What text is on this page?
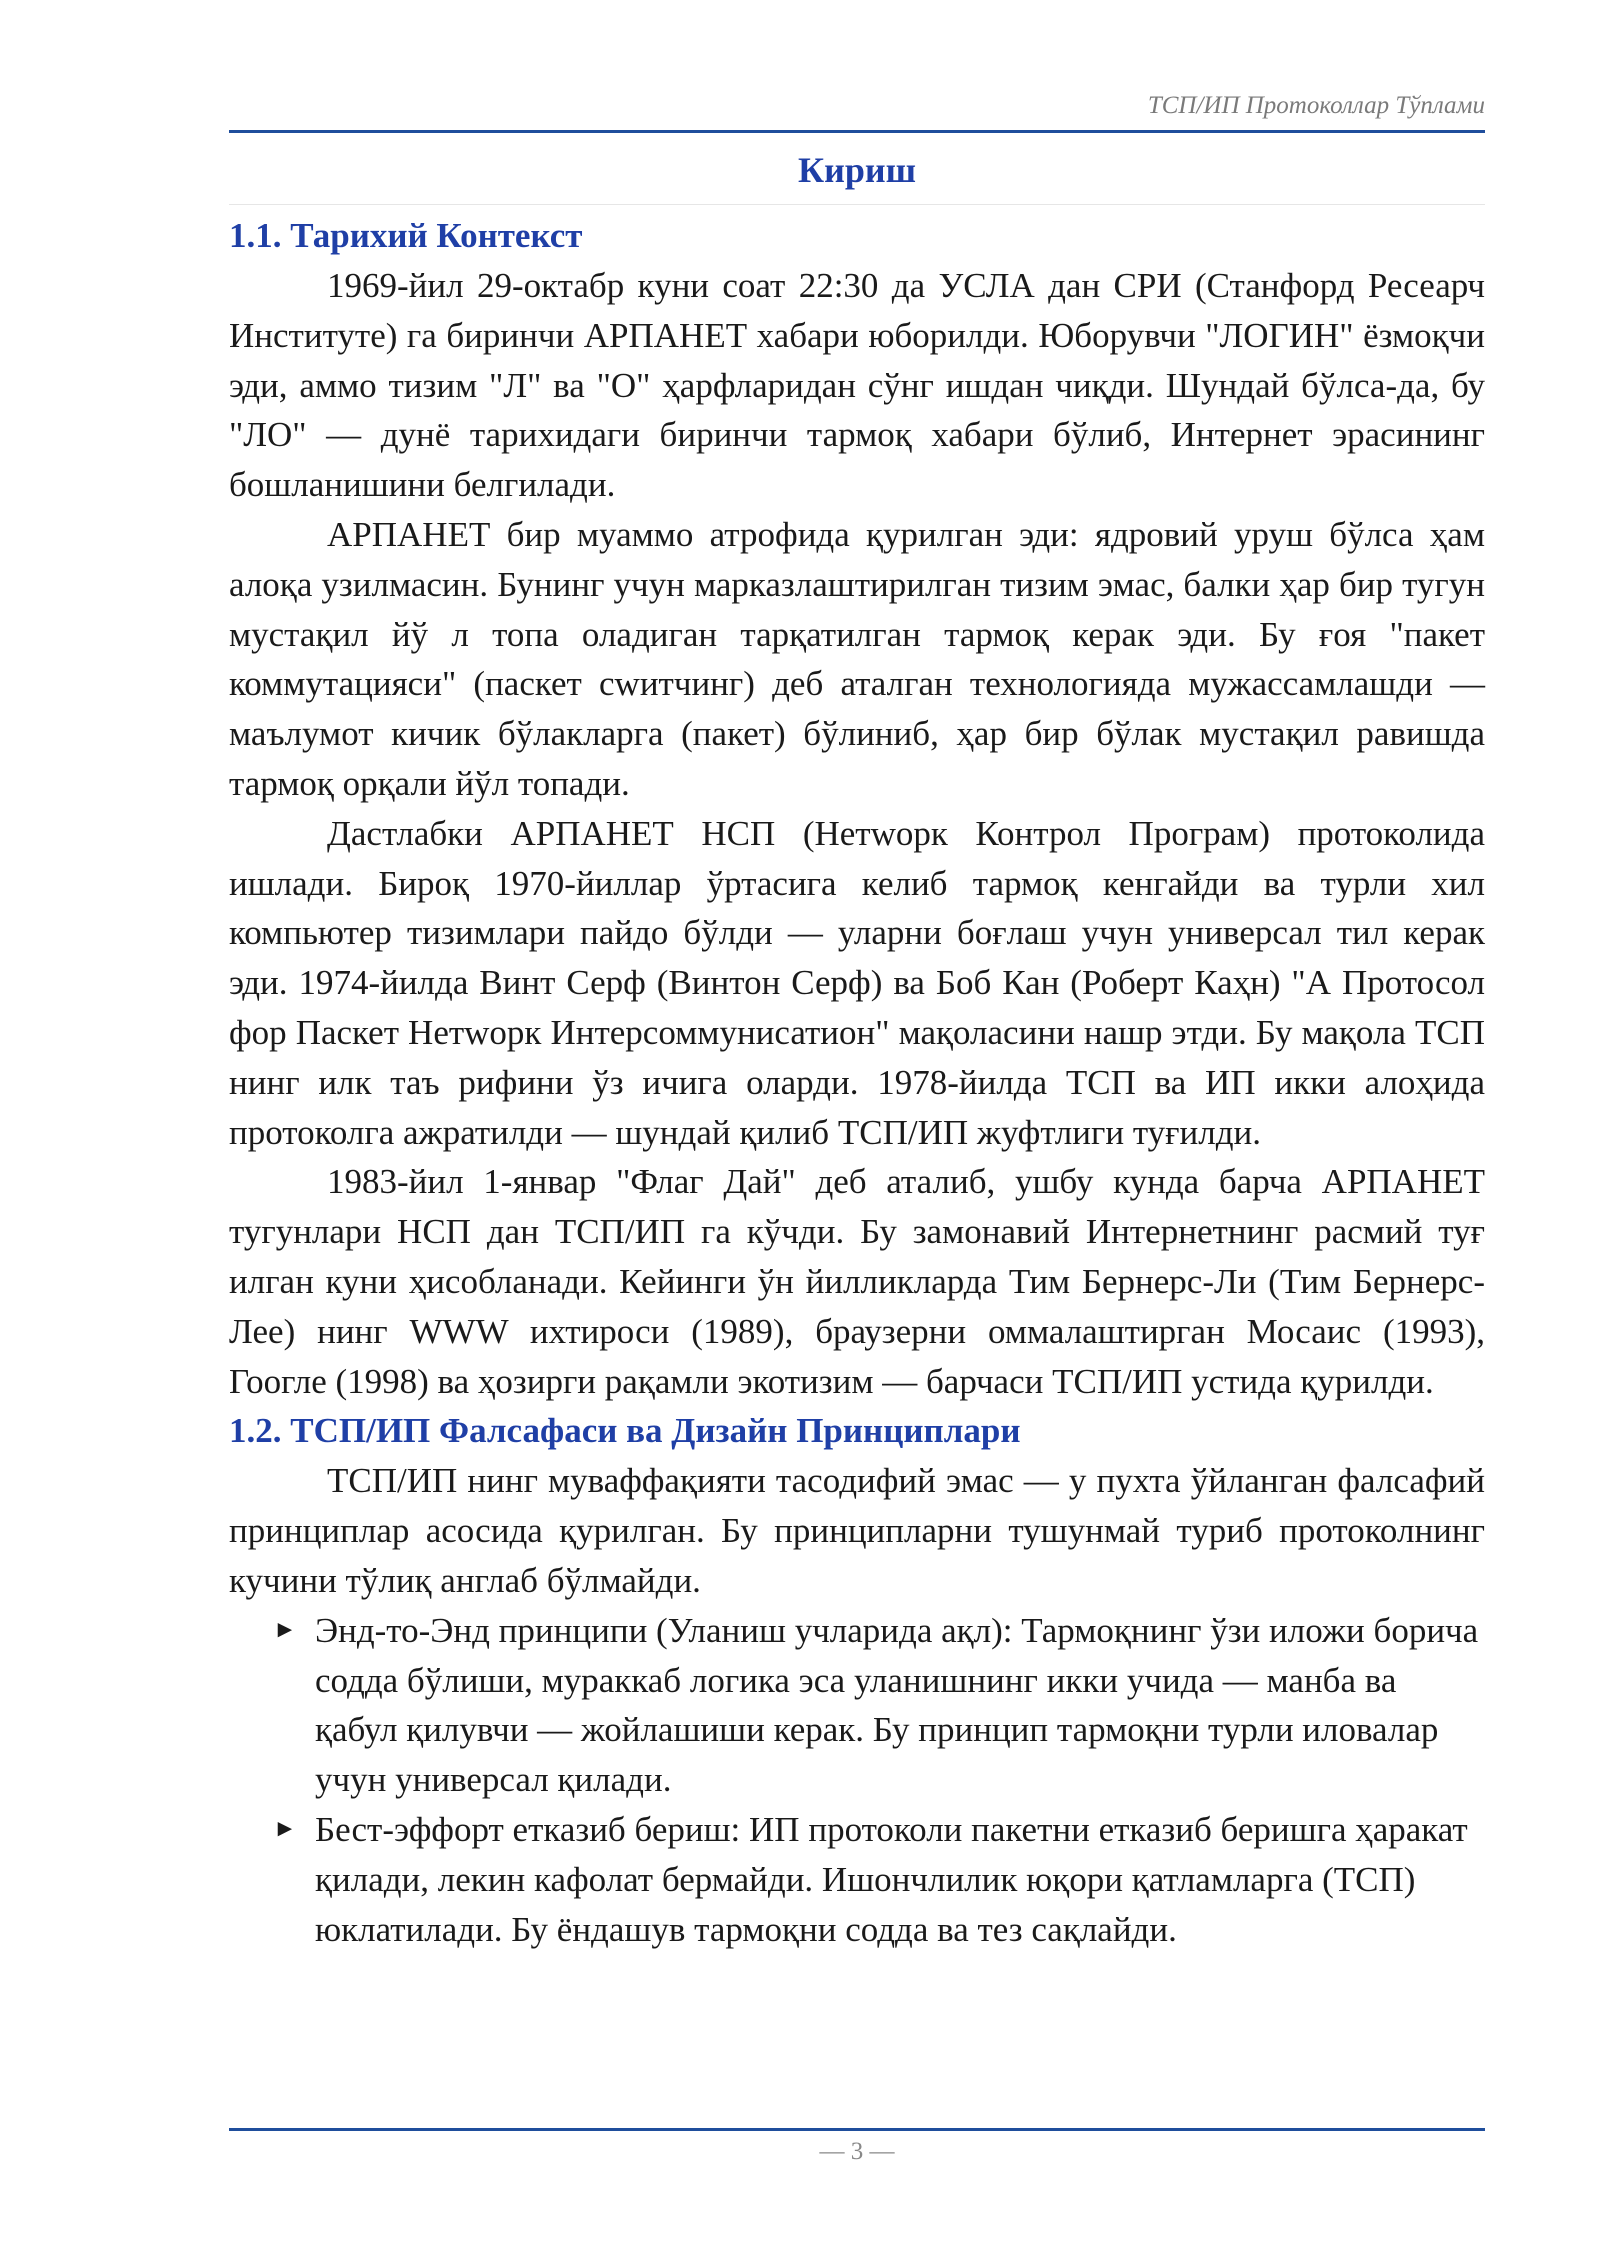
ТСП/ИП Протоколлар Тўплами
Кириш
1.1. Тарихий Контекст

1969-йил 29-октабр куни соат 22:30 да УСЛА дан СРИ (Станфорд Ресеарч Институте) га биринчи АРПАНЕТ хабари юборилди. Юборувчи "ЛОГИН" ёзмоқчи эди, аммо тизим "Л" ва "О" ҳарфларидан сўнг ишдан чиқди. Шундай бўлса-да, бу "ЛО" — дунё тарихидаги биринчи тармоқ хабари бўлиб, Интернет эрасининг бошланишини белгилади.

АРПАНЕТ бир муаммо атрофида қурилган эди: ядровий уруш бўлса ҳам алоқа узилмасин. Бунинг учун марказлаштирилган тизим эмас, балки ҳар бир тугун мустақил йў л топа оладиган тарқатилган тармоқ керак эди. Бу ғоя "пакет коммутацияси" (паскет сwитчинг) деб аталган технологияда мужассамлашди — маълумот кичик бўлакларга (пакет) бўлиниб, ҳар бир бўлак мустақил равишда тармоқ орқали йўл топади.

Дастлабки АРПАНЕТ НСП (Нетwорк Контрол Програм) протоколида ишлади. Бироқ 1970-йиллар ўртасига келиб тармоқ кенгайди ва турли хил компьютер тизимлари пайдо бўлди — уларни боғлаш учун универсал тил керак эди. 1974-йилда Винт Серф (Винтон Серф) ва Боб Кан (Роберт Каҳн) "А Протосол фор Паскет Нетwорк Интерсоммунисатион" мақоласини нашр этди. Бу мақола ТСП нинг илк таъ рифини ўз ичига оларди. 1978-йилда ТСП ва ИП икки алоҳида протоколга ажратилди — шундай қилиб ТСП/ИП жуфтлиги туғилди.

1983-йил 1-январ "Флаг Дай" деб аталиб, ушбу кунда барча АРПАНЕТ тугунлари НСП дан ТСП/ИП га кўчди. Бу замонавий Интернетнинг расмий туғ илган куни ҳисобланади. Кейинги ўн йилликларда Тим Бернерс-Ли (Тим Бернерс-Лее) нинг WWW ихтироси (1989), браузерни оммалаштирган Мосаис (1993), Гоогле (1998) ва ҳозирги рақамли экотизим — барчаси ТСП/ИП устида қурилди.

1.2. ТСП/ИП Фалсафаси ва Дизайн Принциплари

ТСП/ИП нинг муваффақияти тасодифий эмас — у пухта ўйланган фалсафий принциплар асосида қурилган. Бу принципларни тушунмай туриб протоколнинг кучини тўлиқ англаб бўлмайди.

► Энд-то-Энд принципи (Уланиш учларида ақл): Тармоқнинг ўзи иложи борича содда бўлиши, мураккаб логика эса уланишнинг икки учида — манба ва қабул қилувчи — жойлашиши керак. Бу принцип тармоқни турли иловалар учун универсал қилади.
► Бест-эффорт етказиб бериш: ИП протоколи пакетни етказиб беришга ҳаракат қилади, лекин кафолат бермайди. Ишончлилик юқори қатламларга (ТСП) юклатилади. Бу ёндашув тармоқни содда ва тез сақлайди.
— 3 —
